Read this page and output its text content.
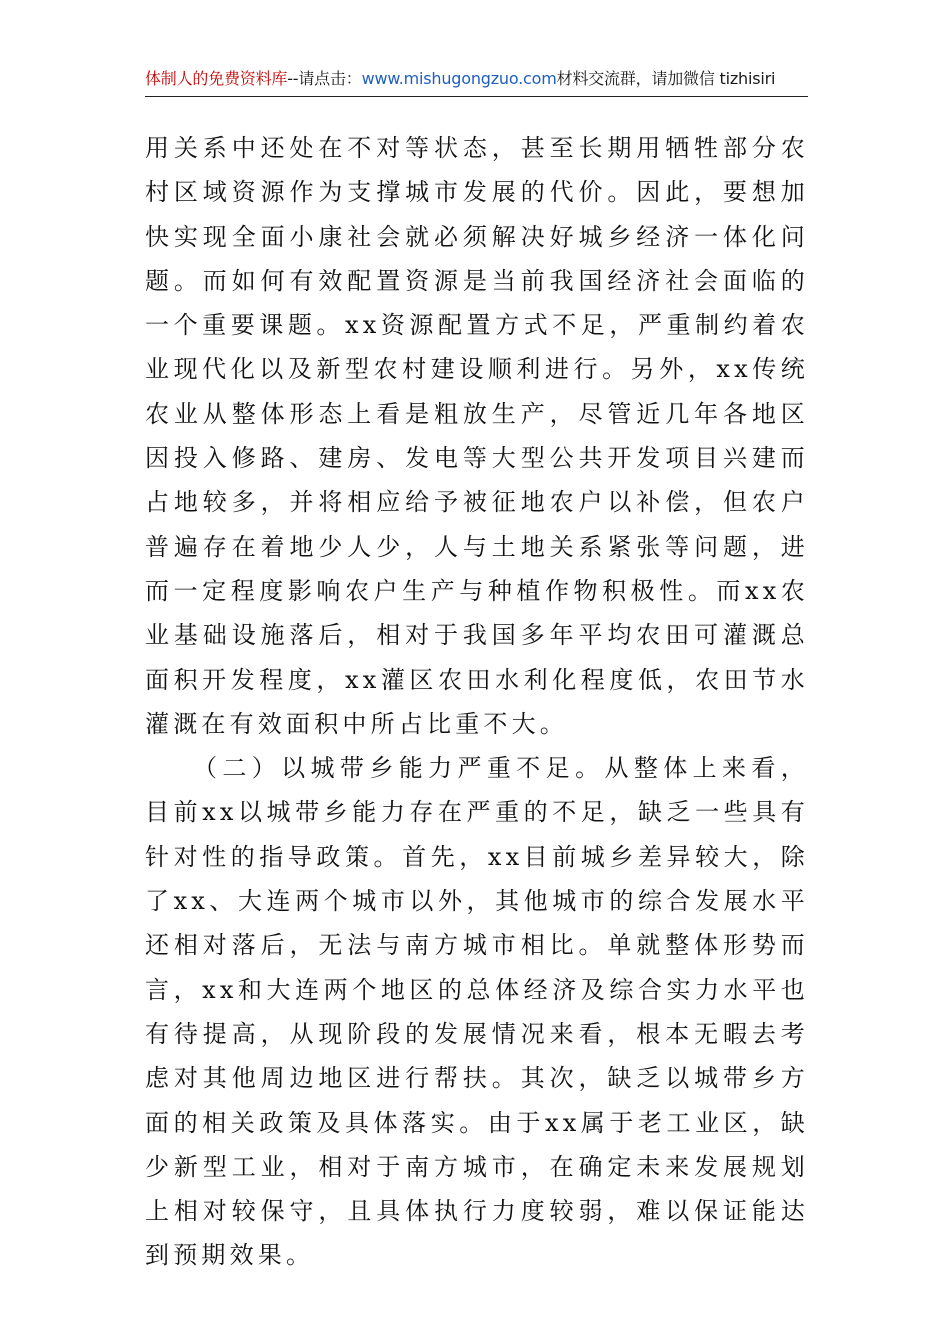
体制人的免费资料库--请点击：www.mishugongzuo.com材料交流群，请加微信 tizhisiri

用关系中还处在不对等状态，甚至长期用牺牲部分农村区域资源作为支撑城市发展的代价。因此，要想加快实现全面小康社会就必须解决好城乡经济一体化问题。而如何有效配置资源是当前我国经济社会面临的一个重要课题。xx资源配置方式不足，严重制约着农业现代化以及新型农村建设顺利进行。另外，xx传统农业从整体形态上看是粗放生产，尽管近几年各地区因投入修路、建房、发电等大型公共开发项目兴建而占地较多，并将相应给予被征地农户以补偿，但农户普遍存在着地少人少，人与土地关系紧张等问题，进而一定程度影响农户生产与种植作物积极性。而xx农业基础设施落后，相对于我国多年平均农田可灌溉总面积开发程度，xx灌区农田水利化程度低，农田节水灌溉在有效面积中所占比重不大。

（二）以城带乡能力严重不足。从整体上来看，目前xx以城带乡能力存在严重的不足，缺乏一些具有针对性的指导政策。首先，xx目前城乡差异较大，除了xx、大连两个城市以外，其他城市的综合发展水平还相对落后，无法与南方城市相比。单就整体形势而言，xx和大连两个地区的总体经济及综合实力水平也有待提高，从现阶段的发展情况来看，根本无暇去考虑对其他周边地区进行帮扶。其次，缺乏以城带乡方面的相关政策及具体落实。由于xx属于老工业区，缺少新型工业，相对于南方城市，在确定未来发展规划上相对较保守，且具体执行力度较弱，难以保证能达到预期效果。
